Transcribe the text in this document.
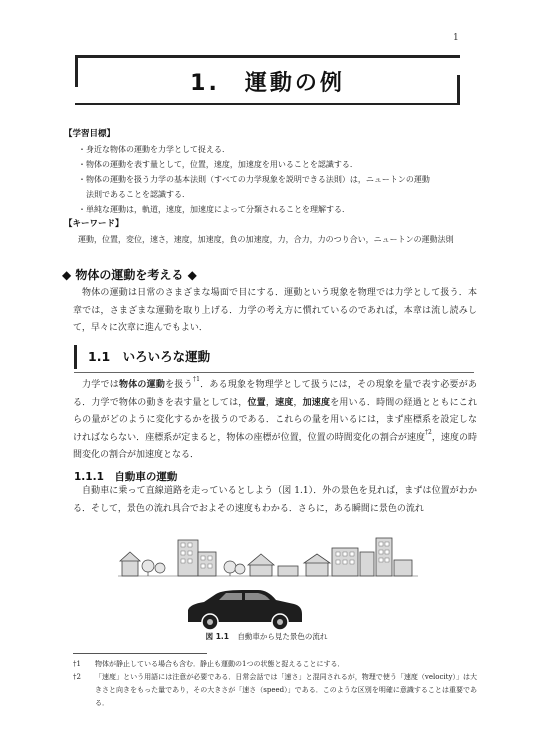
1
1.　運動の例
【学習目標】
・身近な物体の運動を力学として捉える．
・物体の運動を表す量として，位置，速度，加速度を用いることを認識する．
・物体の運動を扱う力学の基本法則（すべての力学現象を説明できる法則）は，ニュートンの運動
法則であることを認識する．
・単純な運動は，軌道，速度，加速度によって分類されることを理解する．
【キーワード】
運動，位置，変位，速さ，速度，加速度，負の加速度，力，合力，力のつり合い，ニュートンの運動法則
◆ 物体の運動を考える ◆

物体の運動は日常のさまざまな場面で目にする．運動という現象を物理では力学として扱う．本章では，さまざまな運動を取り上げる．力学の考え方に慣れているのであれば，本章は流し読みして，早々に次章に進んでもよい．

1.1　いろいろな運動

力学では物体の運動を扱う$^{\dagger 1}$．ある現象を物理学として扱うには，その現象を量で表す必要がある．力学で物体の動きを表す量としては，位置，速度，加速度を用いる．時間の経過とともにこれらの量がどのように変化するかを扱うのである．これらの量を用いるには，まず座標系を設定しなければならない．座標系が定まると，物体の座標が位置，位置の時間変化の割合が速度$^{\dagger 2}$，速度の時間変化の割合が加速度となる．

1.1.1　自動車の運動

自動車に乗って直線道路を走っているとしよう（図 1.1）．外の景色を見れば，まずは位置がわかる．そして，景色の流れ具合でおよその速度もわかる．さらに，ある瞬間に景色の流れ

図 1.1 自動車から見た景色の流れ
†1	物体が静止している場合も含む．静止も運動の1つの状態と捉えることにする．
†2	「速度」という用語には注意が必要である．日常会話では「速さ」と混同されるが，物理で使う「速度（velocity）」は大きさと向きをもった量であり，その大きさが「速さ（speed）」である．このような区別を明確に意識することは重要である．
